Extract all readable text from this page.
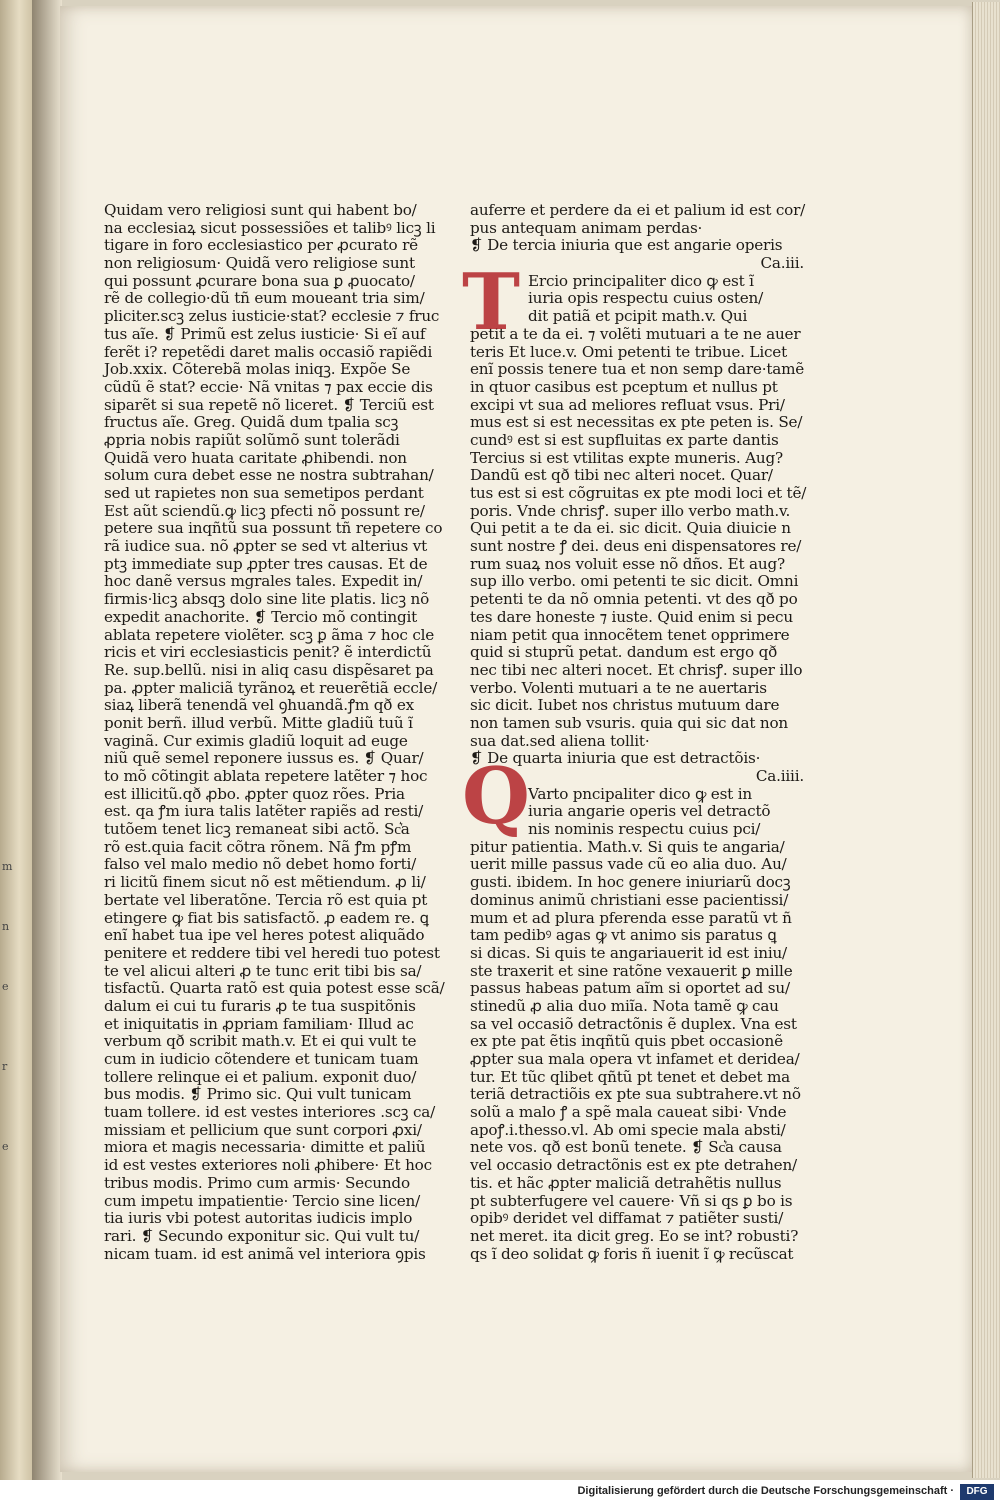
m
n
e
r
e
Quidam vero religiosi sunt qui habent bo/
na ecclesiaꝝ sicut possessiões et talibꝰ licꝫ li
tigare in foro ecclesiastico per ꝓcurato rẽ
non religiosum· Quidã vero religiose sunt
qui possunt ꝓcurare bona sua ꝑ ꝓuocato/
rẽ de collegio·dũ tñ eum moueant tria sim/
pliciter.scꝫ zelus iusticie·stat? ecclesie ⁊ fruc
tus aĩe. ❡ Primũ est zelus iusticie· Si eĩ auf
ferẽt i? repetẽdi daret malis occasiõ rapiẽdi
Job.xxix. Cõterebã molas iniqꝫ. Expõe Se
cũdũ ẽ stat? eccie· Nã vnitas ⁊ pax eccie dis
siparẽt si sua repetẽ nõ liceret. ❡ Terciũ est
fructus aĩe. Greg. Quidã dum tpalia scꝫ
ꝓpria nobis rapiũt solũmõ sunt tolerãdi
Quidã vero huata caritate ꝓhibendi. non
solum cura debet esse ne nostra subtrahan/
sed ut rapietes non sua semetipos perdant
Est aũt sciendũ.ꝙ licꝫ pfecti nõ possunt re/
petere sua inqñtũ sua possunt tñ repetere co
rã iudice sua. nõ ꝓpter se sed vt alterius vt
ptꝫ immediate sup ꝓpter tres causas. Et de
hoc danẽ versus mgrales tales. Expedit in/
firmis·licꝫ absqꝫ dolo sine lite platis. licꝫ nõ
expedit anachorite. ❡ Tercio mõ contingit
ablata repetere violẽter. scꝫ ꝑ ãma ⁊ hoc cle
ricis et viri ecclesiasticis penit? ẽ interdictũ
Re. sup.bellũ. nisi in aliq casu dispẽsaret pa
pa. ꝓpter maliciã tyrãnoꝝ et reuerẽtiã eccle/
siaꝝ liberã tenendã vel ꝯhuandã.ꝭm qð ex
ponit berñ. illud verbũ. Mitte gladiũ tuũ ĩ
vaginã. Cur eximis gladiũ loquit ad euge
niũ quẽ semel reponere iussus es. ❡ Quar/
to mõ cõtingit ablata repetere latẽter ⁊ hoc
est illicitũ.qð ꝓbo. ꝓpter quoz rões. Pria
est. qa ꝭm iura talis latẽter rapiẽs ad resti/
tutõem tenet licꝫ remaneat sibi actõ. Sc͛a
rõ est.quia facit cõtra rõnem. Nã ꝭm pꝭm
falso vel malo medio nõ debet homo forti/
ri licitũ finem sicut nõ est mẽtiendum. ꝓ li/
bertate vel liberatõne. Tercia rõ est quia pt
etingere ꝙ fiat bis satisfactõ. ꝓ eadem re. ꝗ
enĩ habet tua ipe vel heres potest aliquãdo
penitere et reddere tibi vel heredi tuo potest
te vel alicui alteri ꝓ te tunc erit tibi bis sa/
tisfactũ. Quarta ratõ est quia potest esse scã/
dalum ei cui tu furaris ꝓ te tua suspitõnis
et iniquitatis in ꝓpriam familiam· Illud ac
verbum qð scribit math.v. Et ei qui vult te
cum in iudicio cõtendere et tunicam tuam
tollere relinque ei et palium. exponit duo/
bus modis. ❡ Primo sic. Qui vult tunicam
tuam tollere. id est vestes interiores .scꝫ ca/
missiam et pellicium que sunt corpori ꝓxi/
miora et magis necessaria· dimitte et paliũ
id est vestes exteriores noli ꝓhibere· Et hoc
tribus modis. Primo cum armis· Secundo
cum impetu impatientie· Tercio sine licen/
tia iuris vbi potest autoritas iudicis implo
rari. ❡ Secundo exponitur sic. Qui vult tu/
nicam tuam. id est animã vel interiora ꝯpis
auferre et perdere da ei et palium id est cor/
pus antequam animam perdas·
❡ De tercia iniuria que est angarie operis
Ca.iii.
Ercio principaliter dico ꝙ est ĩ
iuria opis respectu cuius osten/
dit patiã et pcipit math.v. Qui
petit a te da ei. ⁊ volẽti mutuari a te ne auer
teris Et luce.v. Omi petenti te tribue. Licet
enĩ possis tenere tua et non semp dare·tamẽ
in qtuor casibus est pceptum et nullus pt
excipi vt sua ad meliores refluat vsus. Pri/
mus est si est necessitas ex pte peten is. Se/
cundꝰ est si est supfluitas ex parte dantis
Tercius si est vtilitas expte muneris. Aug?
Dandũ est qð tibi nec alteri nocet. Quar/
tus est si est cõgruitas ex pte modi loci et tẽ/
poris. Vnde chrisꝭ. super illo verbo math.v.
Qui petit a te da ei. sic dicit. Quia diuicie n
sunt nostre ꝭ dei. deus eni dispensatores re/
rum suaꝝ nos voluit esse nõ dños. Et aug?
sup illo verbo. omi petenti te sic dicit. Omni
petenti te da nõ omnia petenti. vt des qð po
tes dare honeste ⁊ iuste. Quid enim si pecu
niam petit qua innocẽtem tenet opprimere
quid si stuprũ petat. dandum est ergo qð
nec tibi nec alteri nocet. Et chrisꝭ. super illo
verbo. Volenti mutuari a te ne auertaris
sic dicit. Iubet nos christus mutuum dare
non tamen sub vsuris. quia qui sic dat non
sua dat.sed aliena tollit·
❡ De quarta iniuria que est detractõis·
Ca.iiii.
Varto pncipaliter dico ꝙ est in
iuria angarie operis vel detractõ
nis nominis respectu cuius pci/
pitur patientia. Math.v. Si quis te angaria/
uerit mille passus vade cũ eo alia duo. Au/
gusti. ibidem. In hoc genere iniuriarũ docꝫ
dominus animũ christiani esse pacientissi/
mum et ad plura pferenda esse paratũ vt ñ
tam pedibꝰ agas ꝙ vt animo sis paratus ꝗ
si dicas. Si quis te angariauerit id est iniu/
ste traxerit et sine ratõne vexauerit ꝑ mille
passus habeas patum aĩm si oportet ad su/
stinedũ ꝓ alia duo miĩa. Nota tamẽ ꝙ cau
sa vel occasiõ detractõnis ẽ duplex. Vna est
ex pte pat ẽtis inqñtũ quis pbet occasionẽ
ꝓpter sua mala opera vt infamet et deridea/
tur. Et tũc qlibet qñtũ pt tenet et debet ma
teriã detractiõis ex pte sua subtrahere.vt nõ
solũ a malo ꝭ a spẽ mala caueat sibi· Vnde
apoꝭ.i.thesso.vl. Ab omi specie mala absti/
nete vos. qð est bonũ tenete. ❡ Sc͛a causa
vel occasio detractõnis est ex pte detrahen/
tis. et hãc ꝓpter maliciã detrahẽtis nullus
pt subterfugere vel cauere· Vñ si qs ꝑ bo is
opibꝰ deridet vel diffamat ⁊ patiẽter susti/
net meret. ita dicit greg. Eo se int? robusti?
qs ĩ deo solidat ꝙ foris ñ iuenit ĩ ꝙ recũscat
T
Q
Digitalisierung gefördert durch die Deutsche Forschungsgemeinschaft ·	DFG
